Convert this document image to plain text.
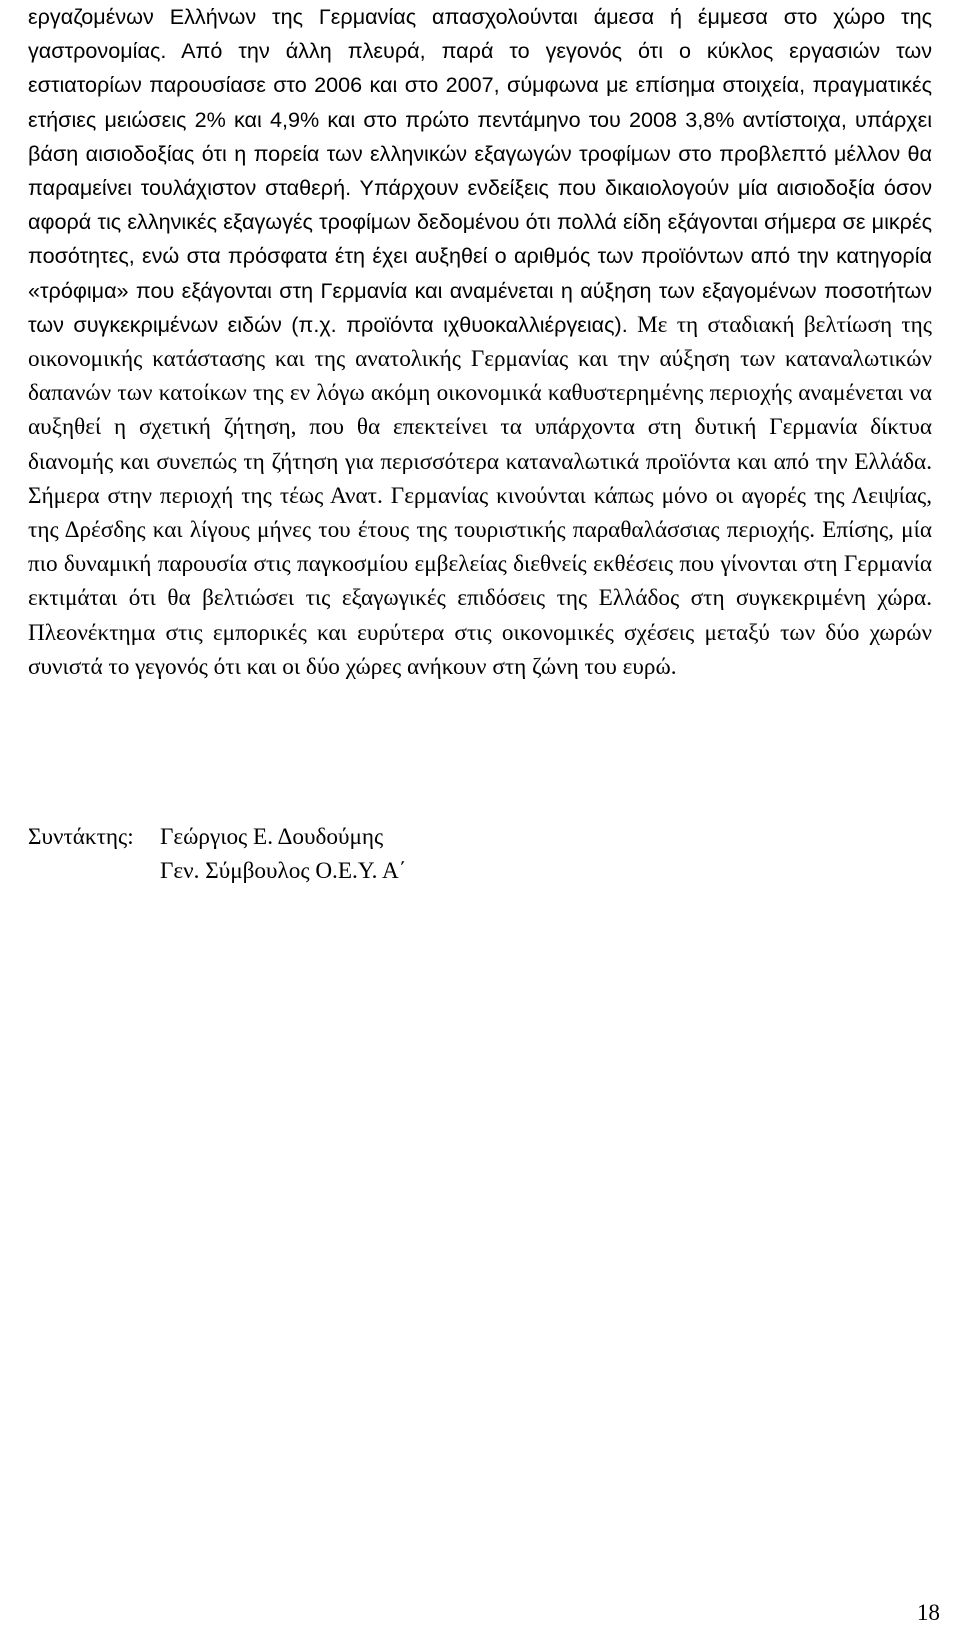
εργαζομένων Ελλήνων της Γερμανίας απασχολούνται άμεσα ή έμμεσα στο χώρο της γαστρονομίας. Από την άλλη πλευρά, παρά το γεγονός ότι ο κύκλος εργασιών των εστιατορίων παρουσίασε στο 2006 και στο 2007, σύμφωνα με επίσημα στοιχεία, πραγματικές ετήσιες μειώσεις 2% και 4,9% και στο πρώτο πεντάμηνο του 2008 3,8% αντίστοιχα, υπάρχει βάση αισιοδοξίας ότι η πορεία των ελληνικών εξαγωγών τροφίμων στο προβλεπτό μέλλον θα παραμείνει τουλάχιστον σταθερή. Υπάρχουν ενδείξεις που δικαιολογούν μία αισιοδοξία όσον αφορά τις ελληνικές εξαγωγές τροφίμων δεδομένου ότι πολλά είδη εξάγονται σήμερα σε μικρές ποσότητες, ενώ στα πρόσφατα έτη έχει αυξηθεί ο αριθμός των προϊόντων από την κατηγορία «τρόφιμα» που εξάγονται στη Γερμανία και αναμένεται η αύξηση των εξαγομένων ποσοτήτων των συγκεκριμένων ειδών (π.χ. προϊόντα ιχθυοκαλλιέργειας). Με τη σταδιακή βελτίωση της οικονομικής κατάστασης και της ανατολικής Γερμανίας και την αύξηση των καταναλωτικών δαπανών των κατοίκων της εν λόγω ακόμη οικονομικά καθυστερημένης περιοχής αναμένεται να αυξηθεί η σχετική ζήτηση, που θα επεκτείνει τα υπάρχοντα στη δυτική Γερμανία δίκτυα διανομής και συνεπώς τη ζήτηση για περισσότερα καταναλωτικά προϊόντα και από την Ελλάδα. Σήμερα στην περιοχή της τέως Ανατ. Γερμανίας κινούνται κάπως μόνο οι αγορές της Λειψίας, της Δρέσδης και λίγους μήνες του έτους της τουριστικής παραθαλάσσιας περιοχής. Επίσης, μία πιο δυναμική παρουσία στις παγκοσμίου εμβελείας διεθνείς εκθέσεις που γίνονται στη Γερμανία εκτιμάται ότι θα βελτιώσει τις εξαγωγικές επιδόσεις της Ελλάδος στη συγκεκριμένη χώρα. Πλεονέκτημα στις εμπορικές και ευρύτερα στις οικονομικές σχέσεις μεταξύ των δύο χωρών συνιστά το γεγονός ότι και οι δύο χώρες ανήκουν στη ζώνη του ευρώ.

Συντάκτης: Γεώργιος Ε. Δουδούμης
Γεν. Σύμβουλος Ο.Ε.Υ. Α΄
18
